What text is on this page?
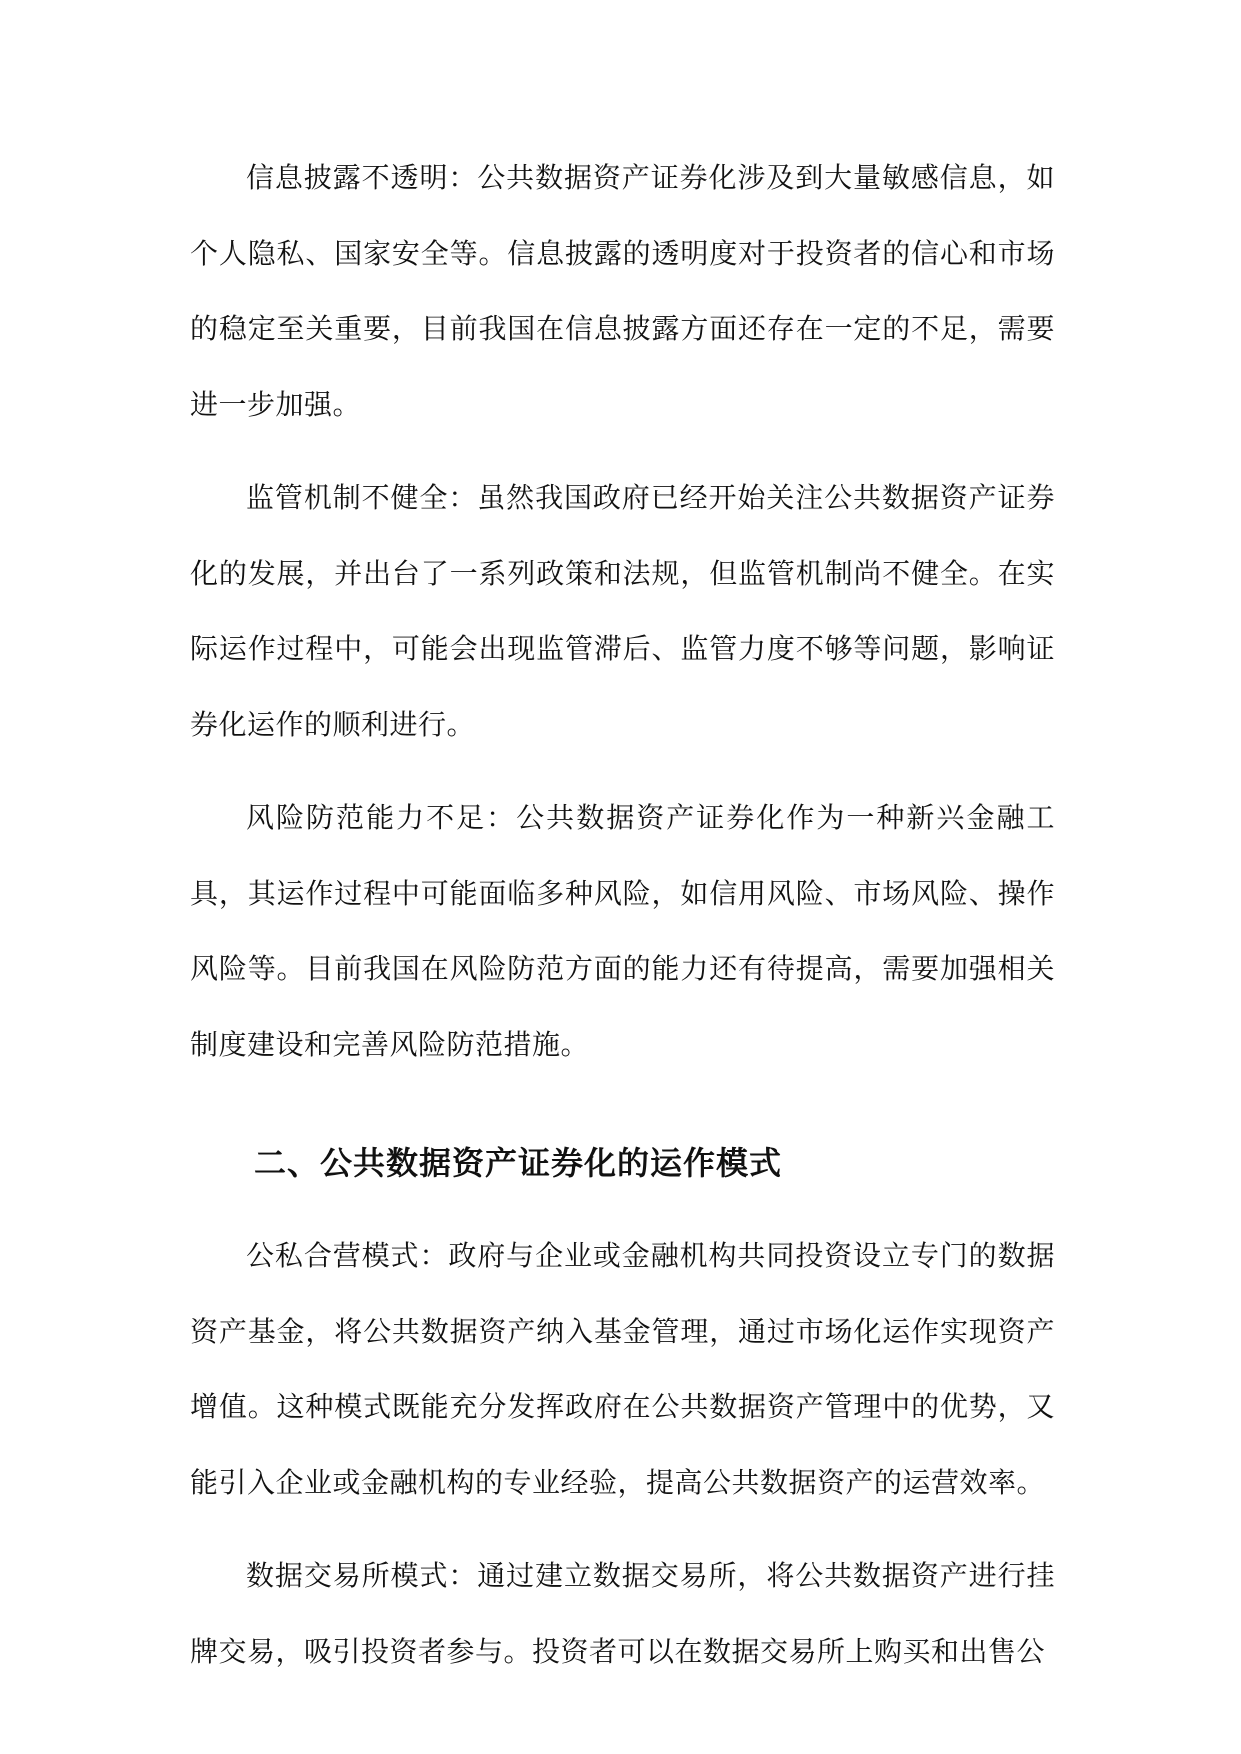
信息披露不透明：公共数据资产证券化涉及到大量敏感信息，如个人隐私、国家安全等。信息披露的透明度对于投资者的信心和市场的稳定至关重要，目前我国在信息披露方面还存在一定的不足，需要进一步加强。

监管机制不健全：虽然我国政府已经开始关注公共数据资产证券化的发展，并出台了一系列政策和法规，但监管机制尚不健全。在实际运作过程中，可能会出现监管滞后、监管力度不够等问题，影响证券化运作的顺利进行。

风险防范能力不足：公共数据资产证券化作为一种新兴金融工具，其运作过程中可能面临多种风险，如信用风险、市场风险、操作风险等。目前我国在风险防范方面的能力还有待提高，需要加强相关制度建设和完善风险防范措施。

二、公共数据资产证券化的运作模式

公私合营模式：政府与企业或金融机构共同投资设立专门的数据资产基金，将公共数据资产纳入基金管理，通过市场化运作实现资产增值。这种模式既能充分发挥政府在公共数据资产管理中的优势，又能引入企业或金融机构的专业经验，提高公共数据资产的运营效率。

数据交易所模式：通过建立数据交易所，将公共数据资产进行挂牌交易，吸引投资者参与。投资者可以在数据交易所上购买和出售公
